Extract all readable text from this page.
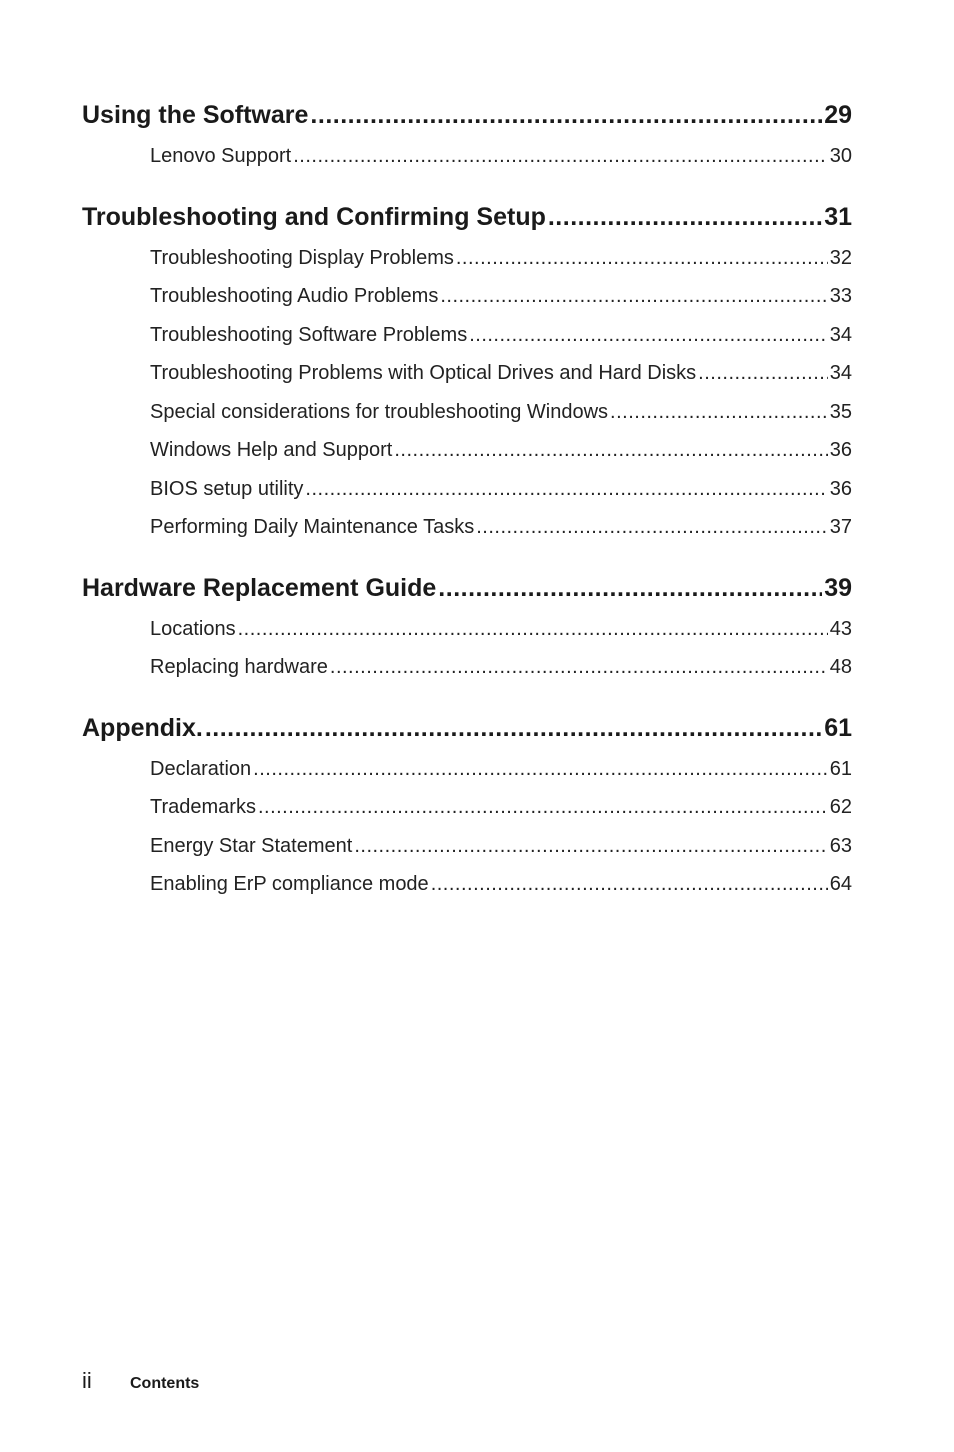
Using the Software .....	29
Lenovo Support .....	30
Troubleshooting and Confirming Setup .....	31
Troubleshooting Display Problems .....	32
Troubleshooting Audio Problems .....	33
Troubleshooting Software Problems .....	34
Troubleshooting Problems with Optical Drives and Hard Disks .....	34
Special considerations for troubleshooting Windows .....	35
Windows Help and Support .....	36
BIOS setup utility .....	36
Performing Daily Maintenance Tasks .....	37
Hardware Replacement Guide .....	39
Locations .....	43
Replacing hardware .....	48
Appendix. .....	61
Declaration .....	61
Trademarks .....	62
Energy Star Statement .....	63
Enabling ErP compliance mode .....	64
ii	Contents
